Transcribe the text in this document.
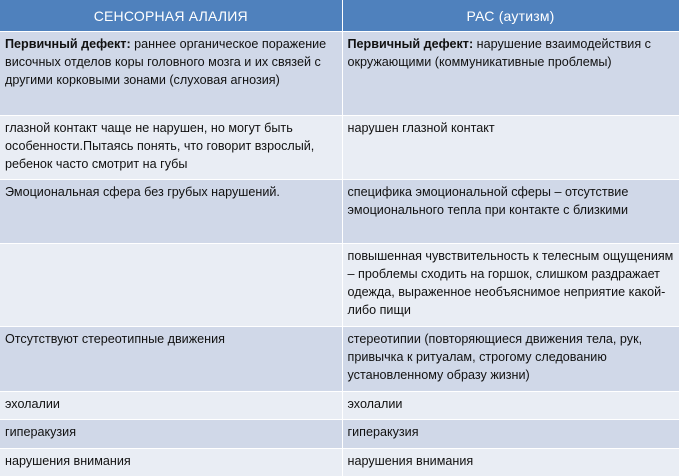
СЕНСОРНАЯ АЛАЛИЯ	РАС (аутизм)
Первичный дефект: раннее органическое поражение височных отделов коры головного мозга и их связей с другими корковыми зонами (слуховая агнозия)	Первичный дефект: нарушение взаимодействия с окружающими (коммуникативные проблемы)
глазной контакт чаще не нарушен, но могут быть особенности.Пытаясь понять, что говорит взрослый, ребенок часто смотрит на губы	нарушен глазной контакт
Эмоциональная сфера без грубых нарушений.	специфика эмоциональной сферы – отсутствие эмоционального тепла при контакте с близкими
	повышенная чувствительность к телесным ощущениям – проблемы сходить на горшок, слишком раздражает одежда, выраженное необъяснимое неприятие какой-либо пищи
Отсутствуют стереотипные движения	стереотипии (повторяющиеся движения тела, рук, привычка к ритуалам, строгому следованию установленному образу жизни)
эхолалии	эхолалии
гиперакузия	гиперакузия
нарушения внимания	нарушения внимания
